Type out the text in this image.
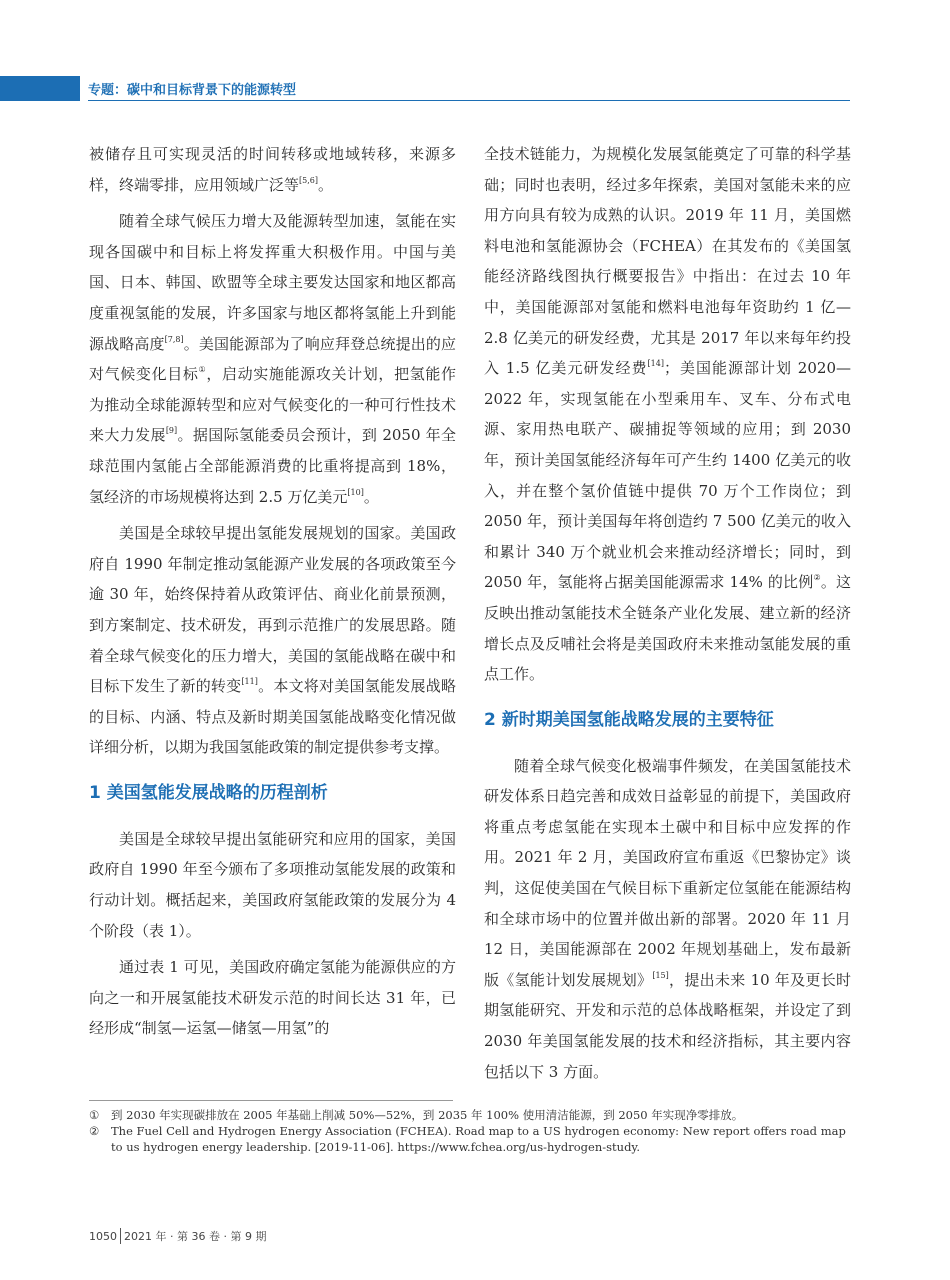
专题：碳中和目标背景下的能源转型

被储存且可实现灵活的时间转移或地域转移，来源多样，终端零排，应用领域广泛等[5,6]。

随着全球气候压力增大及能源转型加速，氢能在实现各国碳中和目标上将发挥重大积极作用。中国与美国、日本、韩国、欧盟等全球主要发达国家和地区都高度重视氢能的发展，许多国家与地区都将氢能上升到能源战略高度[7,8]。美国能源部为了响应拜登总统提出的应对气候变化目标①，启动实施能源攻关计划，把氢能作为推动全球能源转型和应对气候变化的一种可行性技术来大力发展[9]。据国际氢能委员会预计，到 2050 年全球范围内氢能占全部能源消费的比重将提高到 18%，氢经济的市场规模将达到 2.5 万亿美元[10]。

美国是全球较早提出氢能发展规划的国家。美国政府自 1990 年制定推动氢能源产业发展的各项政策至今逾 30 年，始终保持着从政策评估、商业化前景预测，到方案制定、技术研发，再到示范推广的发展思路。随着全球气候变化的压力增大，美国的氢能战略在碳中和目标下发生了新的转变[11]。本文将对美国氢能发展战略的目标、内涵、特点及新时期美国氢能战略变化情况做详细分析，以期为我国氢能政策的制定提供参考支撑。

1 美国氢能发展战略的历程剖析

美国是全球较早提出氢能研究和应用的国家，美国政府自 1990 年至今颁布了多项推动氢能发展的政策和行动计划。概括起来，美国政府氢能政策的发展分为 4 个阶段（表 1）。

通过表 1 可见，美国政府确定氢能为能源供应的方向之一和开展氢能技术研发示范的时间长达 31 年，已经形成“制氢—运氢—储氢—用氢”的

全技术链能力，为规模化发展氢能奠定了可靠的科学基础；同时也表明，经过多年探索，美国对氢能未来的应用方向具有较为成熟的认识。2019 年 11 月，美国燃料电池和氢能源协会（FCHEA）在其发布的《美国氢能经济路线图执行概要报告》中指出：在过去 10 年中，美国能源部对氢能和燃料电池每年资助约 1 亿—2.8 亿美元的研发经费，尤其是 2017 年以来每年约投入 1.5 亿美元研发经费[14]；美国能源部计划 2020—2022 年，实现氢能在小型乘用车、叉车、分布式电源、家用热电联产、碳捕捉等领域的应用；到 2030 年，预计美国氢能经济每年可产生约 1400 亿美元的收入，并在整个氢价值链中提供 70 万个工作岗位；到 2050 年，预计美国每年将创造约 7 500 亿美元的收入和累计 340 万个就业机会来推动经济增长；同时，到 2050 年，氢能将占据美国能源需求 14% 的比例②。这反映出推动氢能技术全链条产业化发展、建立新的经济增长点及反哺社会将是美国政府未来推动氢能发展的重点工作。

2 新时期美国氢能战略发展的主要特征

随着全球气候变化极端事件频发，在美国氢能技术研发体系日趋完善和成效日益彰显的前提下，美国政府将重点考虑氢能在实现本土碳中和目标中应发挥的作用。2021 年 2 月，美国政府宣布重返《巴黎协定》谈判，这促使美国在气候目标下重新定位氢能在能源结构和全球市场中的位置并做出新的部署。2020 年 11 月 12 日，美国能源部在 2002 年规划基础上，发布最新版《氢能计划发展规划》[15]，提出未来 10 年及更长时期氢能研究、开发和示范的总体战略框架，并设定了到 2030 年美国氢能发展的技术和经济指标，其主要内容包括以下 3 方面。

①	到 2030 年实现碳排放在 2005 年基础上削减 50%—52%，到 2035 年 100% 使用清洁能源，到 2050 年实现净零排放。
②	The Fuel Cell and Hydrogen Energy Association (FCHEA). Road map to a US hydrogen economy: New report offers road map to us hydrogen energy leadership. [2019-11-06]. https://www.fchea.org/us-hydrogen-study.
1050 2021 年 · 第 36 卷 · 第 9 期
